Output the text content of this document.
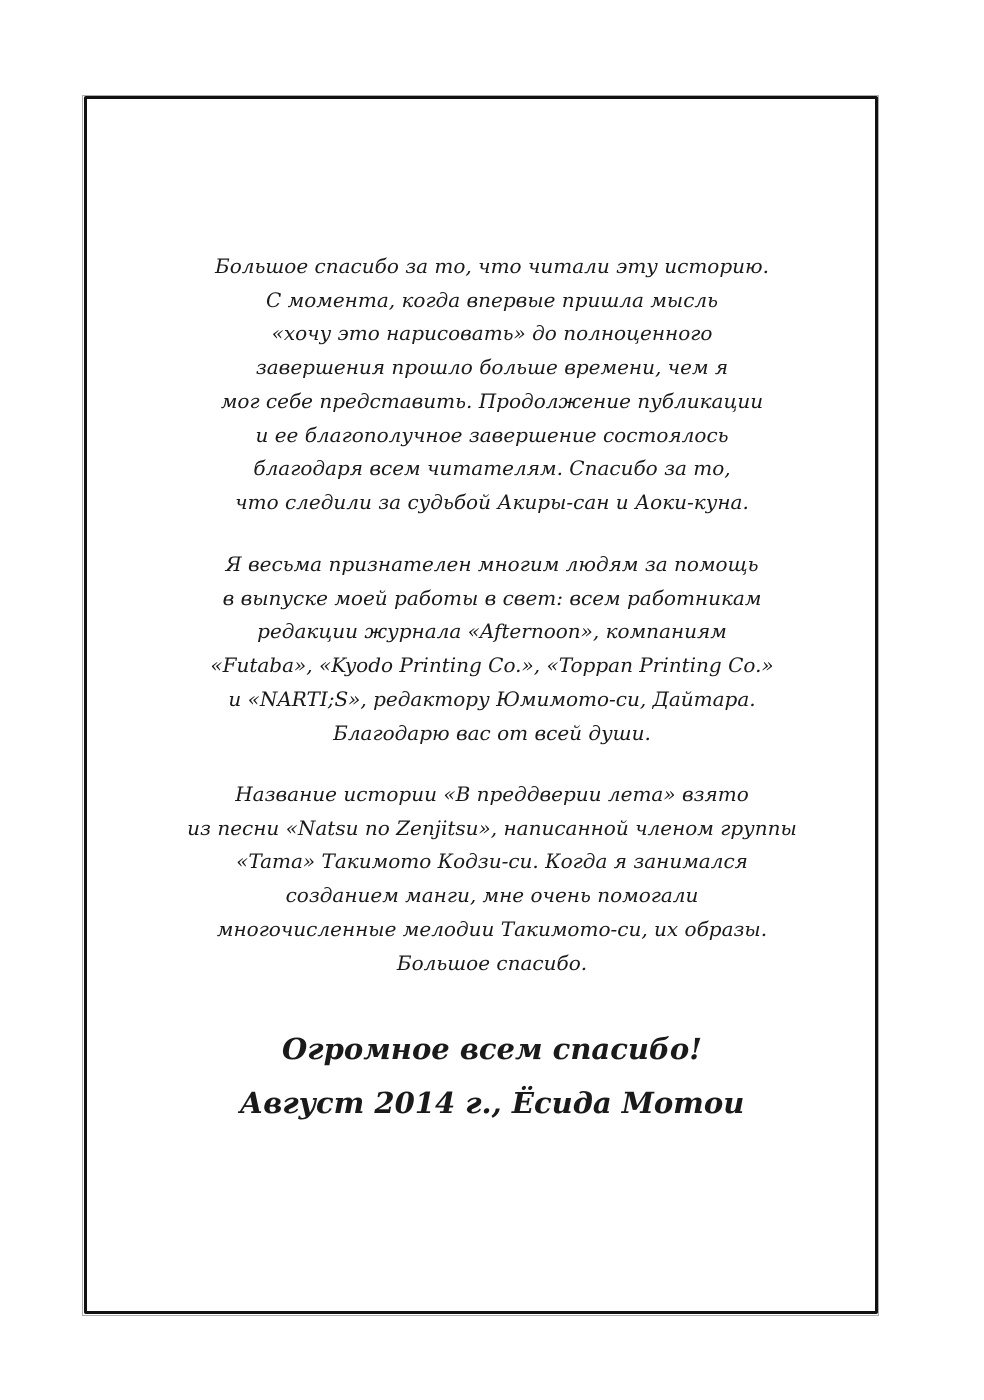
Большое спасибо за то, что читали эту историю.
С момента, когда впервые пришла мысль
«хочу это нарисовать» до полноценного
завершения прошло больше времени, чем я
мог себе представить. Продолжение публикации
и ее благополучное завершение состоялось
благодаря всем читателям. Спасибо за то,
что следили за судьбой Акиры-сан и Аоки-куна.
Я весьма признателен многим людям за помощь
в выпуске моей работы в свет: всем работникам
редакции журнала «Afternoon», компаниям
«Futaba», «Kyodo Printing Co.», «Toppan Printing Co.»
и «NARTI;S», редактору Юмимото-си, Дайтара.
Благодарю вас от всей души.
Название истории «В преддверии лета» взято
из песни «Natsu no Zenjitsu», написанной членом группы
«Tama» Такимото Кодзи-си. Когда я занимался
созданием манги, мне очень помогали
многочисленные мелодии Такимото-си, их образы.
Большое спасибо.
Огромное всем спасибо!
Август 2014 г., Ёсида Мотои
